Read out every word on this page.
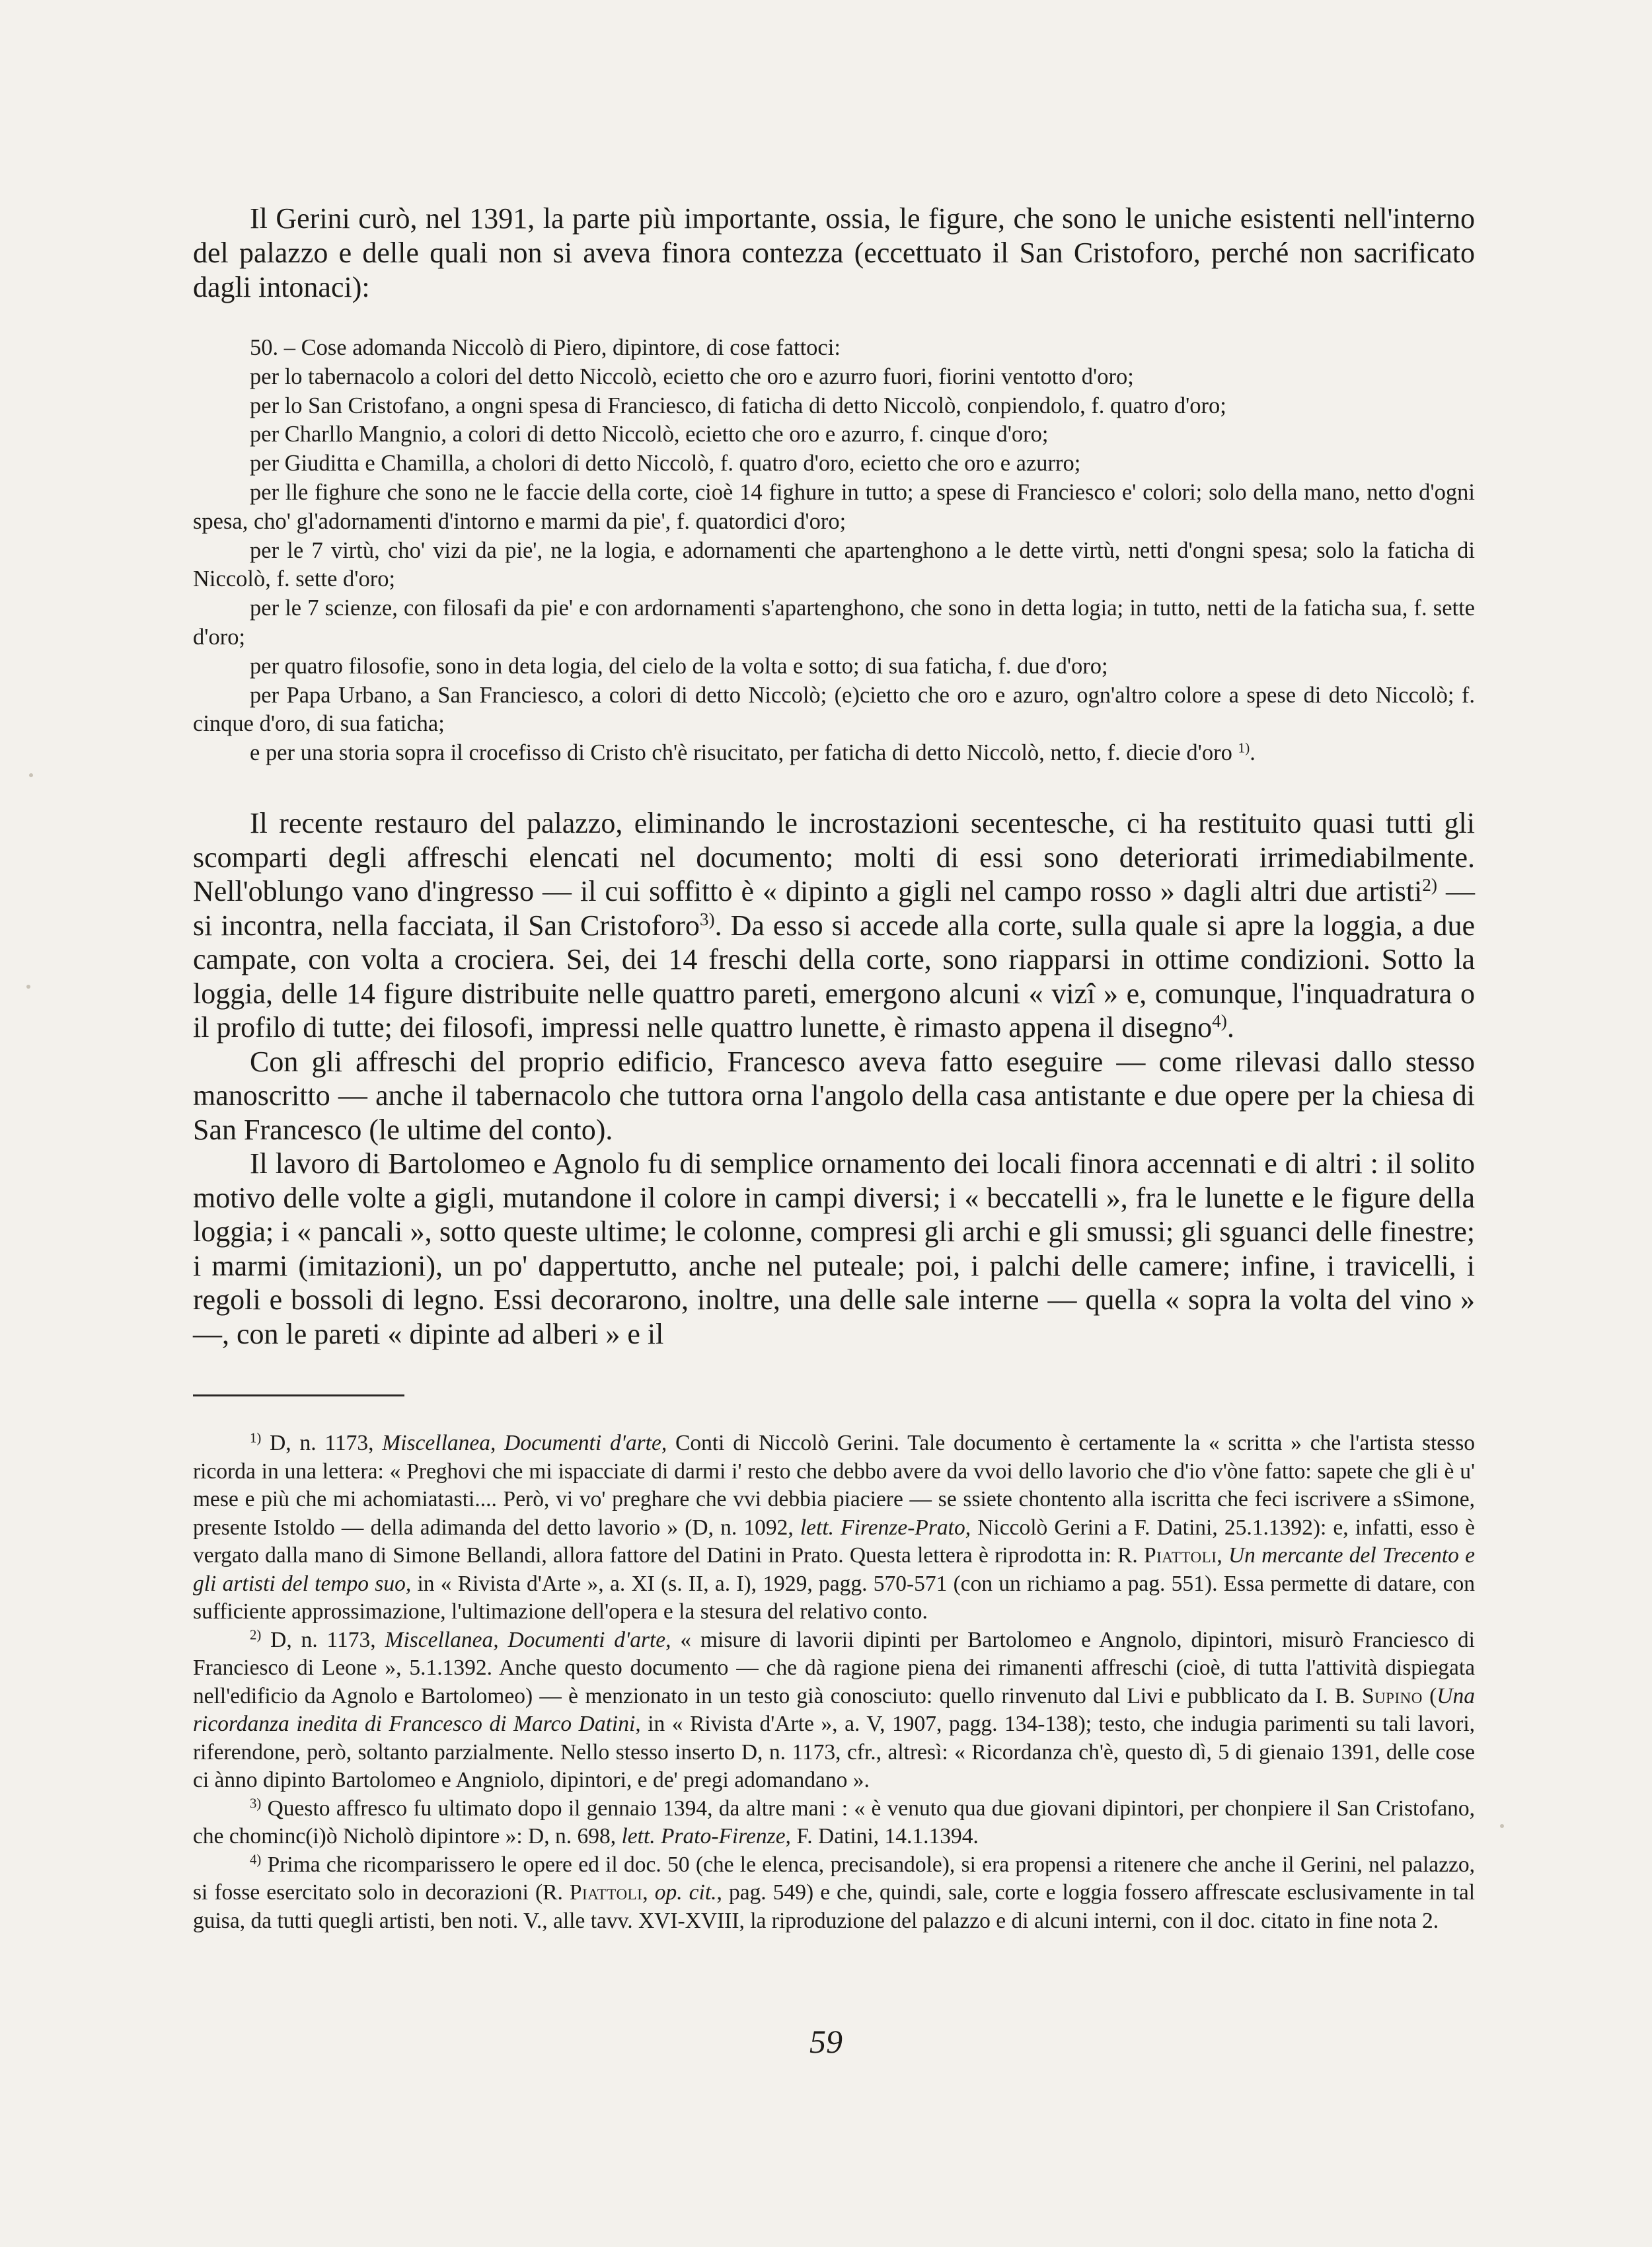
Il Gerini curò, nel 1391, la parte più importante, ossia, le figure, che sono le uniche esistenti nell'interno del palazzo e delle quali non si aveva finora contezza (eccettuato il San Cristoforo, perché non sacrificato dagli intonaci):

50. – Cose adomanda Niccolò di Piero, dipintore, di cose fattoci:

per lo tabernacolo a colori del detto Niccolò, ecietto che oro e azurro fuori, fiorini ventotto d'oro;

per lo San Cristofano, a ongni spesa di Franciesco, di faticha di detto Niccolò, conpiendolo, f. quatro d'oro;

per Charllo Mangnio, a colori di detto Niccolò, ecietto che oro e azurro, f. cinque d'oro;

per Giuditta e Chamilla, a cholori di detto Niccolò, f. quatro d'oro, ecietto che oro e azurro;

per lle fighure che sono ne le faccie della corte, cioè 14 fighure in tutto; a spese di Franciesco e' colori; solo della mano, netto d'ogni spesa, cho' gl'adornamenti d'intorno e marmi da pie', f. quatordici d'oro;

per le 7 virtù, cho' vizi da pie', ne la logia, e adornamenti che apartenghono a le dette virtù, netti d'ongni spesa; solo la faticha di Niccolò, f. sette d'oro;

per le 7 scienze, con filosafi da pie' e con ardornamenti s'apartenghono, che sono in detta logia; in tutto, netti de la faticha sua, f. sette d'oro;

per quatro filosofie, sono in deta logia, del cielo de la volta e sotto; di sua faticha, f. due d'oro;

per Papa Urbano, a San Franciesco, a colori di detto Niccolò; (e)cietto che oro e azuro, ogn'altro colore a spese di deto Niccolò; f. cinque d'oro, di sua faticha;

e per una storia sopra il crocefisso di Cristo ch'è risucitato, per faticha di detto Niccolò, netto, f. diecie d'oro $^{1)}$.

Il recente restauro del palazzo, eliminando le incrostazioni secentesche, ci ha restituito quasi tutti gli scomparti degli affreschi elencati nel documento; molti di essi sono deteriorati irrimediabilmente. Nell'oblungo vano d'ingresso — il cui soffitto è « dipinto a gigli nel campo rosso » dagli altri due artisti$^{2)}$ — si incontra, nella facciata, il San Cristoforo$^{3)}$. Da esso si accede alla corte, sulla quale si apre la loggia, a due campate, con volta a crociera. Sei, dei 14 freschi della corte, sono riapparsi in ottime condizioni. Sotto la loggia, delle 14 figure distribuite nelle quattro pareti, emergono alcuni « vizî » e, comunque, l'inquadratura o il profilo di tutte; dei filosofi, impressi nelle quattro lunette, è rimasto appena il disegno$^{4)}$.

Con gli affreschi del proprio edificio, Francesco aveva fatto eseguire — come rilevasi dallo stesso manoscritto — anche il tabernacolo che tuttora orna l'angolo della casa antistante e due opere per la chiesa di San Francesco (le ultime del conto).

Il lavoro di Bartolomeo e Agnolo fu di semplice ornamento dei locali finora accennati e di altri : il solito motivo delle volte a gigli, mutandone il colore in campi diversi; i « beccatelli », fra le lunette e le figure della loggia; i « pancali », sotto queste ultime; le colonne, compresi gli archi e gli smussi; gli sguanci delle finestre; i marmi (imitazioni), un po' dappertutto, anche nel puteale; poi, i palchi delle camere; infine, i travicelli, i regoli e bossoli di legno. Essi decorarono, inoltre, una delle sale interne — quella « sopra la volta del vino » —, con le pareti « dipinte ad alberi » e il

$^{1)}$ D, n. 1173, Miscellanea, Documenti d'arte, Conti di Niccolò Gerini. Tale documento è certamente la « scritta » che l'artista stesso ricorda in una lettera: « Preghovi che mi ispacciate di darmi i' resto che debbo avere da vvoi dello lavorio che d'io v'òne fatto: sapete che gli è u' mese e più che mi achomiatasti.... Però, vi vo' preghare che vvi debbia piaciere — se ssiete chontento alla iscritta che feci iscrivere a sSimone, presente Istoldo — della adimanda del detto lavorio » (D, n. 1092, lett. Firenze-Prato, Niccolò Gerini a F. Datini, 25.1.1392): e, infatti, esso è vergato dalla mano di Simone Bellandi, allora fattore del Datini in Prato. Questa lettera è riprodotta in: R. Piattoli, Un mercante del Trecento e gli artisti del tempo suo, in « Rivista d'Arte », a. XI (s. II, a. I), 1929, pagg. 570-571 (con un richiamo a pag. 551). Essa permette di datare, con sufficiente approssimazione, l'ultimazione dell'opera e la stesura del relativo conto.

$^{2)}$ D, n. 1173, Miscellanea, Documenti d'arte, « misure di lavorii dipinti per Bartolomeo e Angnolo, dipintori, misurò Franciesco di Franciesco di Leone », 5.1.1392. Anche questo documento — che dà ragione piena dei rimanenti affreschi (cioè, di tutta l'attività dispiegata nell'edificio da Agnolo e Bartolomeo) — è menzionato in un testo già conosciuto: quello rinvenuto dal Livi e pubblicato da I. B. Supino (Una ricordanza inedita di Francesco di Marco Datini, in « Rivista d'Arte », a. V, 1907, pagg. 134-138); testo, che indugia parimenti su tali lavori, riferendone, però, soltanto parzialmente. Nello stesso inserto D, n. 1173, cfr., altresì: « Ricordanza ch'è, questo dì, 5 di gienaio 1391, delle cose ci ànno dipinto Bartolomeo e Angniolo, dipintori, e de' pregi adomandano ».

$^{3)}$ Questo affresco fu ultimato dopo il gennaio 1394, da altre mani : « è venuto qua due giovani dipintori, per chonpiere il San Cristofano, che chominc(i)ò Nicholò dipintore »: D, n. 698, lett. Prato-Firenze, F. Datini, 14.1.1394.

$^{4)}$ Prima che ricomparissero le opere ed il doc. 50 (che le elenca, precisandole), si era propensi a ritenere che anche il Gerini, nel palazzo, si fosse esercitato solo in decorazioni (R. Piattoli, op. cit., pag. 549) e che, quindi, sale, corte e loggia fossero affrescate esclusivamente in tal guisa, da tutti quegli artisti, ben noti. V., alle tavv. XVI-XVIII, la riproduzione del palazzo e di alcuni interni, con il doc. citato in fine nota 2.

59
